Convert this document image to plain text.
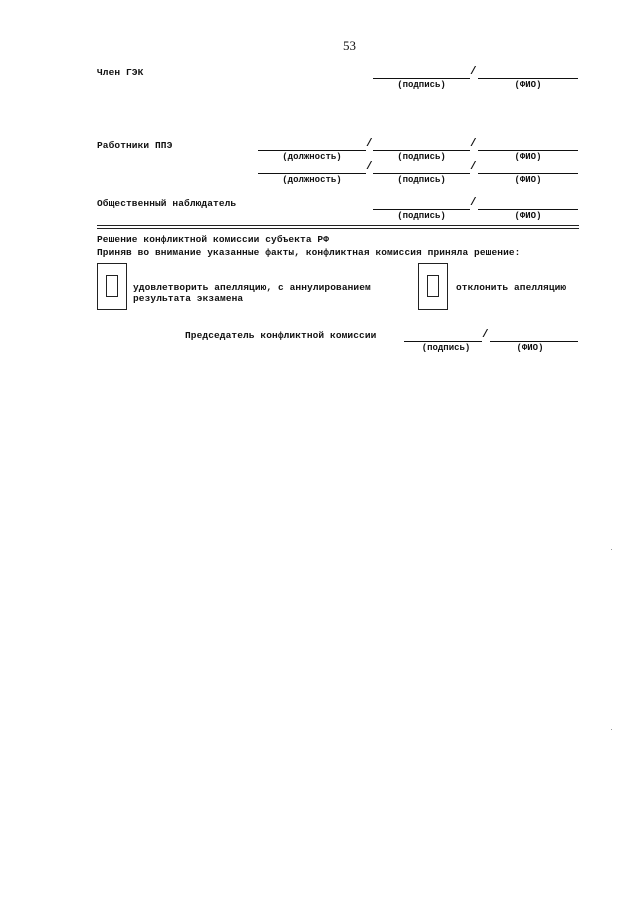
53
Член ГЭК	/
(подпись)	(ФИО)
Работники ППЭ	/	/
(должность)	(подпись)	(ФИО)
/	/
(должность)	(подпись)	(ФИО)
Общественный наблюдатель	/
(подпись)	(ФИО)
Решение конфликтной комиссии субъекта РФ
Приняв во внимание указанные факты, конфликтная комиссия приняла решение:
удовлетворить апелляцию, с аннулированием
результата экзамена
отклонить апелляцию
Председатель конфликтной комиссии	/
(подпись)	(ФИО)
